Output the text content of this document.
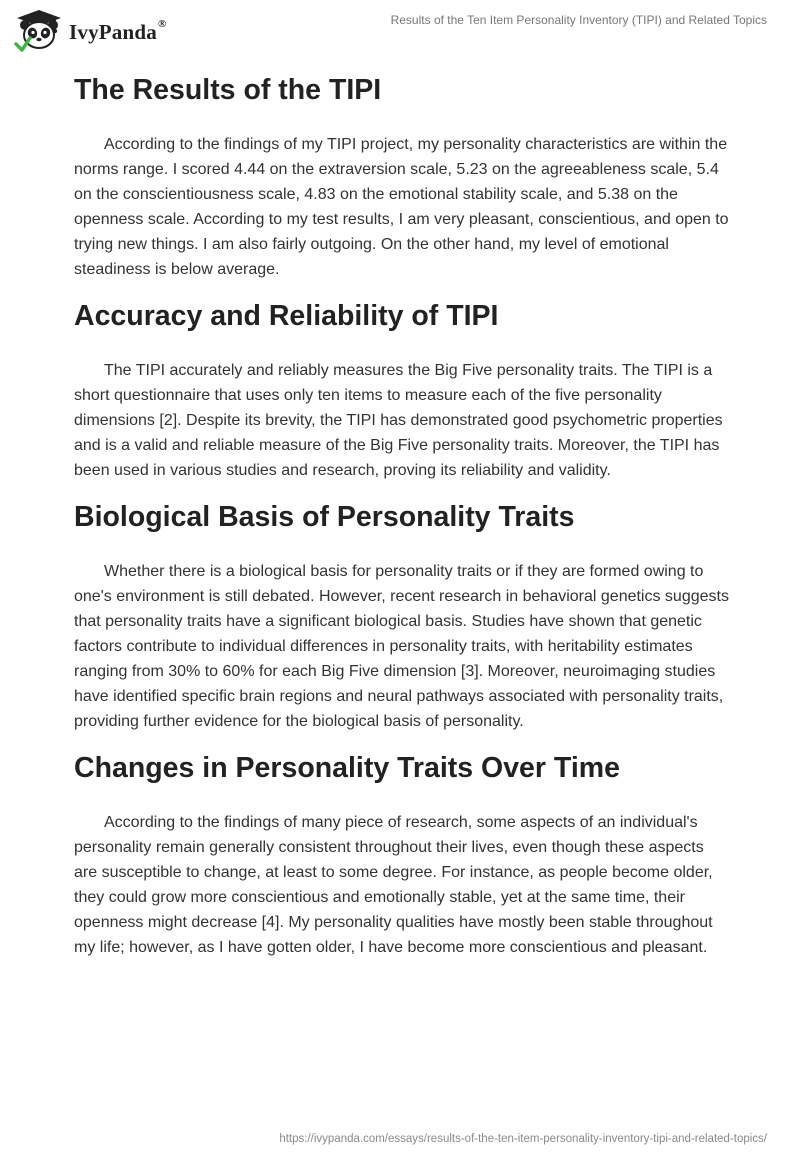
IvyPanda®	Results of the Ten Item Personality Inventory (TIPI) and Related Topics
The Results of the TIPI

According to the findings of my TIPI project, my personality characteristics are within the norms range. I scored 4.44 on the extraversion scale, 5.23 on the agreeableness scale, 5.4 on the conscientiousness scale, 4.83 on the emotional stability scale, and 5.38 on the openness scale. According to my test results, I am very pleasant, conscientious, and open to trying new things. I am also fairly outgoing. On the other hand, my level of emotional steadiness is below average.

Accuracy and Reliability of TIPI

The TIPI accurately and reliably measures the Big Five personality traits. The TIPI is a short questionnaire that uses only ten items to measure each of the five personality dimensions [2]. Despite its brevity, the TIPI has demonstrated good psychometric properties and is a valid and reliable measure of the Big Five personality traits. Moreover, the TIPI has been used in various studies and research, proving its reliability and validity.

Biological Basis of Personality Traits

Whether there is a biological basis for personality traits or if they are formed owing to one's environment is still debated. However, recent research in behavioral genetics suggests that personality traits have a significant biological basis. Studies have shown that genetic factors contribute to individual differences in personality traits, with heritability estimates ranging from 30% to 60% for each Big Five dimension [3]. Moreover, neuroimaging studies have identified specific brain regions and neural pathways associated with personality traits, providing further evidence for the biological basis of personality.

Changes in Personality Traits Over Time

According to the findings of many piece of research, some aspects of an individual's personality remain generally consistent throughout their lives, even though these aspects are susceptible to change, at least to some degree. For instance, as people become older, they could grow more conscientious and emotionally stable, yet at the same time, their openness might decrease [4]. My personality qualities have mostly been stable throughout my life; however, as I have gotten older, I have become more conscientious and pleasant.

https://ivypanda.com/essays/results-of-the-ten-item-personality-inventory-tipi-and-related-topics/
